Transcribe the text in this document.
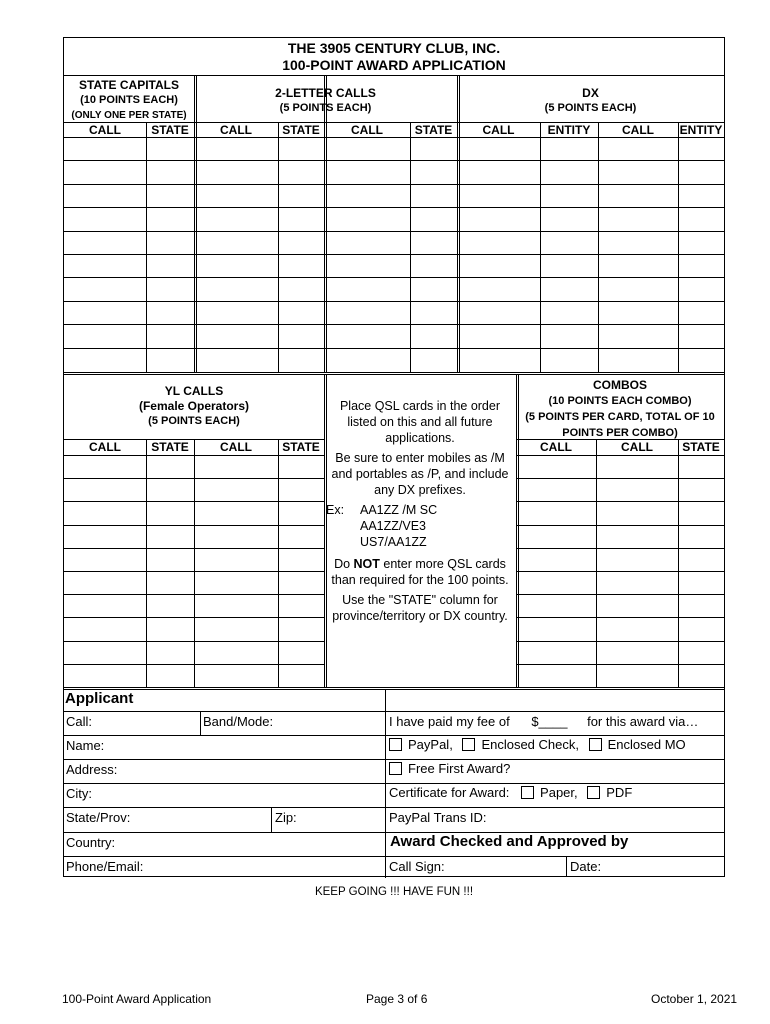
THE 3905 CENTURY CLUB, INC.
100-POINT AWARD APPLICATION
STATE CAPITALS
(10 POINTS EACH)
(ONLY ONE PER STATE)
2-LETTER CALLS
(5 POINTS EACH)
DX
(5 POINTS EACH)
CALL	STATE	CALL	STATE	CALL	STATE	CALL	ENTITY	CALL	ENTITY
YL CALLS
(Female Operators)
(5 POINTS EACH)
COMBOS
(10 POINTS EACH COMBO)
(5 POINTS PER CARD, TOTAL OF 10
POINTS PER COMBO)
CALL	STATE	CALL	STATE	CALL	CALL	STATE
Place QSL cards in the order listed on this and all future applications.
Be sure to enter mobiles as /M and portables as /P, and include any DX prefixes.
Ex: AA1ZZ /M SC
AA1ZZ/VE3
US7/AA1ZZ
Do NOT enter more QSL cards than required for the 100 points.
Use the "STATE" column for province/territory or DX country.
Applicant
Call:	Band/Mode:
Name:
Address:
City:
State/Prov:	Zip:
Country:
Phone/Email:
I have paid my fee of $____ for this award via…
PayPal, Enclosed Check, Enclosed MO
Free First Award?
Certificate for Award: Paper, PDF
PayPal Trans ID:
Award Checked and Approved by
Call Sign:	Date:
KEEP GOING !!! HAVE FUN !!!
100-Point Award Application	Page 3 of 6	October 1, 2021
